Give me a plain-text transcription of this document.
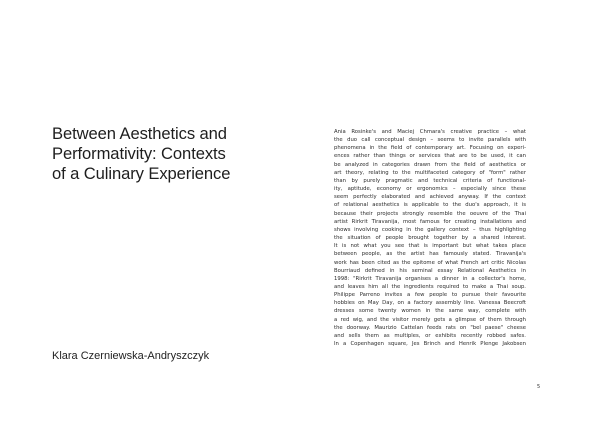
Between Aesthetics and
Performativity: Contexts
of a Culinary Experience
Klara Czerniewska-Andryszczyk
Ania Rosinke's and Maciej Chmara's creative practice – what
the duo call conceptual design – seems to invite parallels with
phenomena in the field of contemporary art. Focusing on experi-
ences rather than things or services that are to be used, it can
be analyzed in categories drawn from the field of aesthetics or
art theory, relating to the multifaceted category of "form" rather
than by purely pragmatic and technical criteria of functional-
ity, aptitude, economy or ergonomics – especially since these
seem perfectly elaborated and achieved anyway. If the context
of relational aesthetics is applicable to the duo's approach, it is
because their projects strongly resemble the oeuvre of the Thai
artist Rirkrit Tiravanija, most famous for creating installations and
shows involving cooking in the gallery context – thus highlighting
the situation of people brought together by a shared interest.
It is not what you see that is important but what takes place
between people, as the artist has famously stated. Tiravanija's
work has been cited as the epitome of what French art critic Nicolas
Bourriaud defined in his seminal essay Relational Aesthetics in
1998: "Rirkrit Tiravanija organises a dinner in a collector's home,
and leaves him all the ingredients required to make a Thai soup.
Philippe Parreno invites a few people to pursue their favourite
hobbies on May Day, on a factory assembly line. Vanessa Beecroft
dresses some twenty women in the same way, complete with
a red wig, and the visitor merely gets a glimpse of them through
the doorway. Maurizio Cattelan feeds rats on "bel paese" cheese
and sells them as multiples, or exhibits recently robbed safes.
In a Copenhagen square, Jes Brinch and Henrik Plenge Jakobsen
5
